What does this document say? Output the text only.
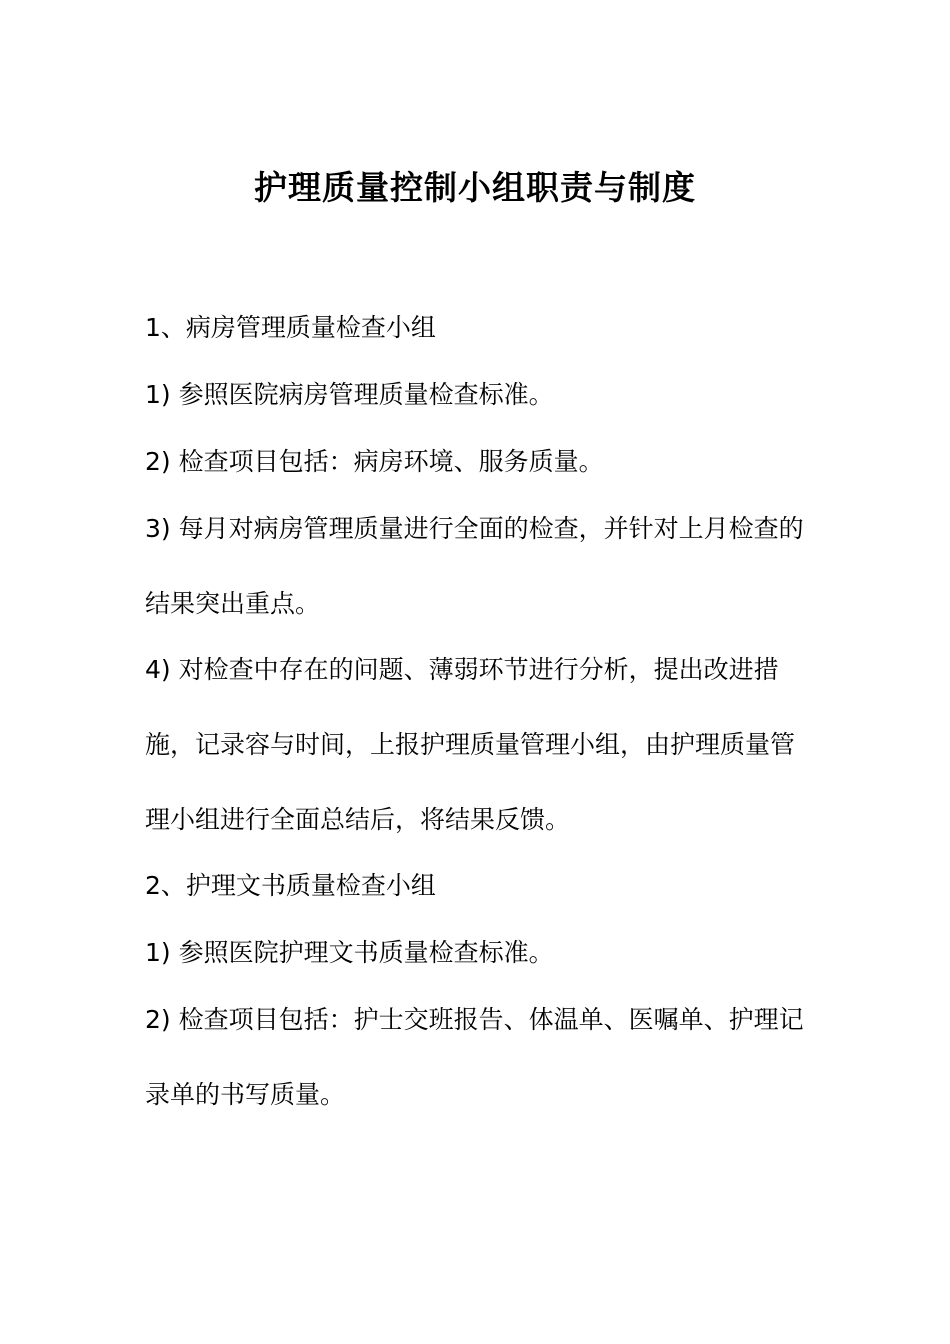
护理质量控制小组职责与制度

1、病房管理质量检查小组

1) 参照医院病房管理质量检查标准。

2) 检查项目包括：病房环境、服务质量。

3) 每月对病房管理质量进行全面的检查，并针对上月检查的结果突出重点。

4) 对检查中存在的问题、薄弱环节进行分析，提出改进措施，记录容与时间，上报护理质量管理小组，由护理质量管理小组进行全面总结后，将结果反馈。

2、护理文书质量检查小组

1) 参照医院护理文书质量检查标准。

2) 检查项目包括：护士交班报告、体温单、医嘱单、护理记录单的书写质量。
